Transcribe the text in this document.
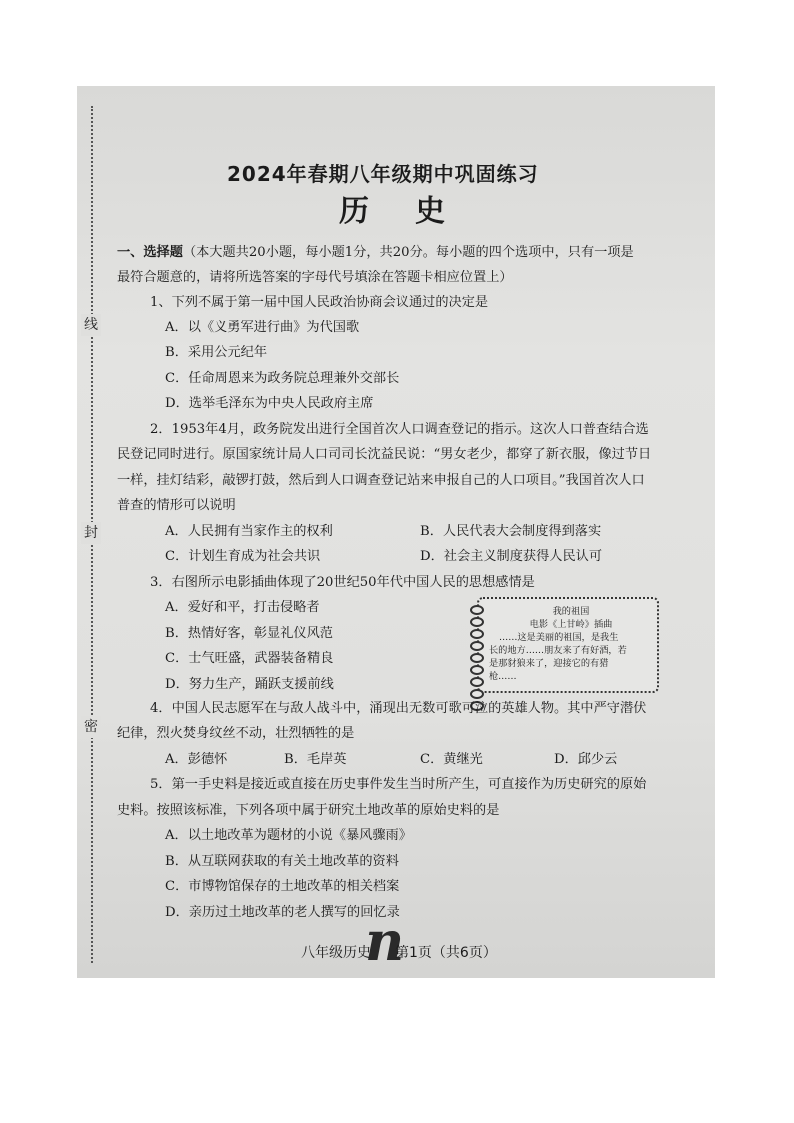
线
封
密
2024年春期八年级期中巩固练习
历史
一、选择题（本大题共20小题，每小题1分，共20分。每小题的四个选项中，只有一项是
最符合题意的，请将所选答案的字母代号填涂在答题卡相应位置上）
1、下列不属于第一届中国人民政治协商会议通过的决定是
A．以《义勇军进行曲》为代国歌
B．采用公元纪年
C．任命周恩来为政务院总理兼外交部长
D．选举毛泽东为中央人民政府主席
2．1953年4月，政务院发出进行全国首次人口调查登记的指示。这次人口普查结合选
民登记同时进行。原国家统计局人口司司长沈益民说：“男女老少，都穿了新衣服，像过节日
一样，挂灯结彩，敲锣打鼓，然后到人口调查登记站来申报自己的人口项目。”我国首次人口
普查的情形可以说明
A．人民拥有当家作主的权利	B．人民代表大会制度得到落实
C．计划生育成为社会共识	D．社会主义制度获得人民认可
3．右图所示电影插曲体现了20世纪50年代中国人民的思想感情是
A．爱好和平，打击侵略者
B．热情好客，彰显礼仪风范
C．士气旺盛，武器装备精良
D．努力生产，踊跃支援前线
我的祖国
电影《上甘岭》插曲
……这是美丽的祖国，是我生
长的地方……朋友来了有好酒，若
是那豺狼来了，迎接它的有猎
枪……
4．中国人民志愿军在与敌人战斗中，涌现出无数可歌可泣的英雄人物。其中严守潜伏
纪律，烈火焚身纹丝不动，壮烈牺牲的是
A．彭德怀	B．毛岸英	C．黄继光	D．邱少云
5．第一手史料是接近或直接在历史事件发生当时所产生，可直接作为历史研究的原始
史料。按照该标准，下列各项中属于研究土地改革的原始史料的是
A．以土地改革为题材的小说《暴风骤雨》
B．从互联网获取的有关土地改革的资料
C．市博物馆保存的土地改革的相关档案
D．亲历过土地改革的老人撰写的回忆录
八年级历史
n
第1页（共6页）
